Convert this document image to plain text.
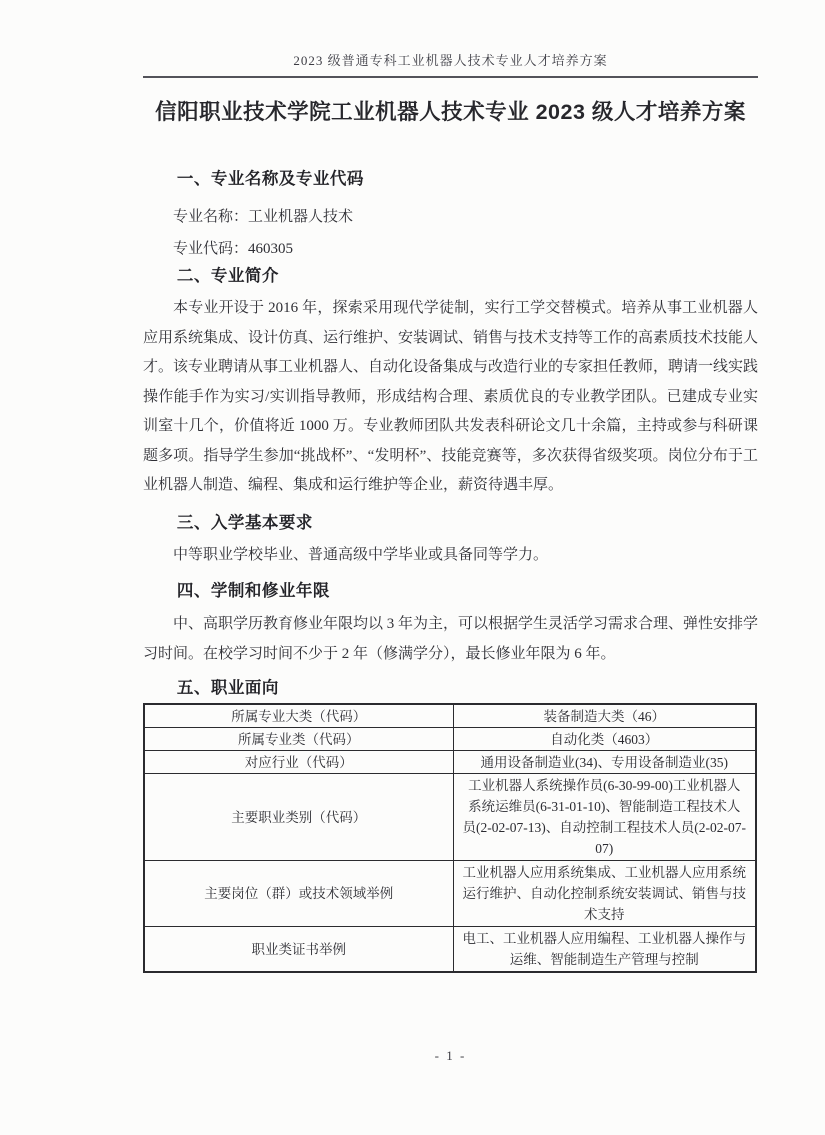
2023 级普通专科工业机器人技术专业人才培养方案
信阳职业技术学院工业机器人技术专业 2023 级人才培养方案
一、专业名称及专业代码
专业名称：工业机器人技术
专业代码：460305
二、专业简介

本专业开设于 2016 年，探索采用现代学徒制，实行工学交替模式。培养从事工业机器人应用系统集成、设计仿真、运行维护、安装调试、销售与技术支持等工作的高素质技术技能人才。该专业聘请从事工业机器人、自动化设备集成与改造行业的专家担任教师，聘请一线实践操作能手作为实习/实训指导教师，形成结构合理、素质优良的专业教学团队。已建成专业实训室十几个，价值将近 1000 万。专业教师团队共发表科研论文几十余篇，主持或参与科研课题多项。指导学生参加“挑战杯”、“发明杯”、技能竞赛等，多次获得省级奖项。岗位分布于工业机器人制造、编程、集成和运行维护等企业，薪资待遇丰厚。

三、入学基本要求

中等职业学校毕业、普通高级中学毕业或具备同等学力。

四、学制和修业年限

中、高职学历教育修业年限均以 3 年为主，可以根据学生灵活学习需求合理、弹性安排学习时间。在校学习时间不少于 2 年（修满学分），最长修业年限为 6 年。

五、职业面向
所属专业大类（代码）	装备制造大类（46）
所属专业类（代码）	自动化类（4603）
对应行业（代码）	通用设备制造业(34)、专用设备制造业(35)
主要职业类别（代码）	工业机器人系统操作员(6-30-99-00)工业机器人系统运维员(6-31-01-10)、智能制造工程技术人员(2-02-07-13)、自动控制工程技术人员(2-02-07-07)
主要岗位（群）或技术领域举例	工业机器人应用系统集成、工业机器人应用系统运行维护、自动化控制系统安装调试、销售与技术支持
职业类证书举例	电工、工业机器人应用编程、工业机器人操作与运维、智能制造生产管理与控制
- 1 -
